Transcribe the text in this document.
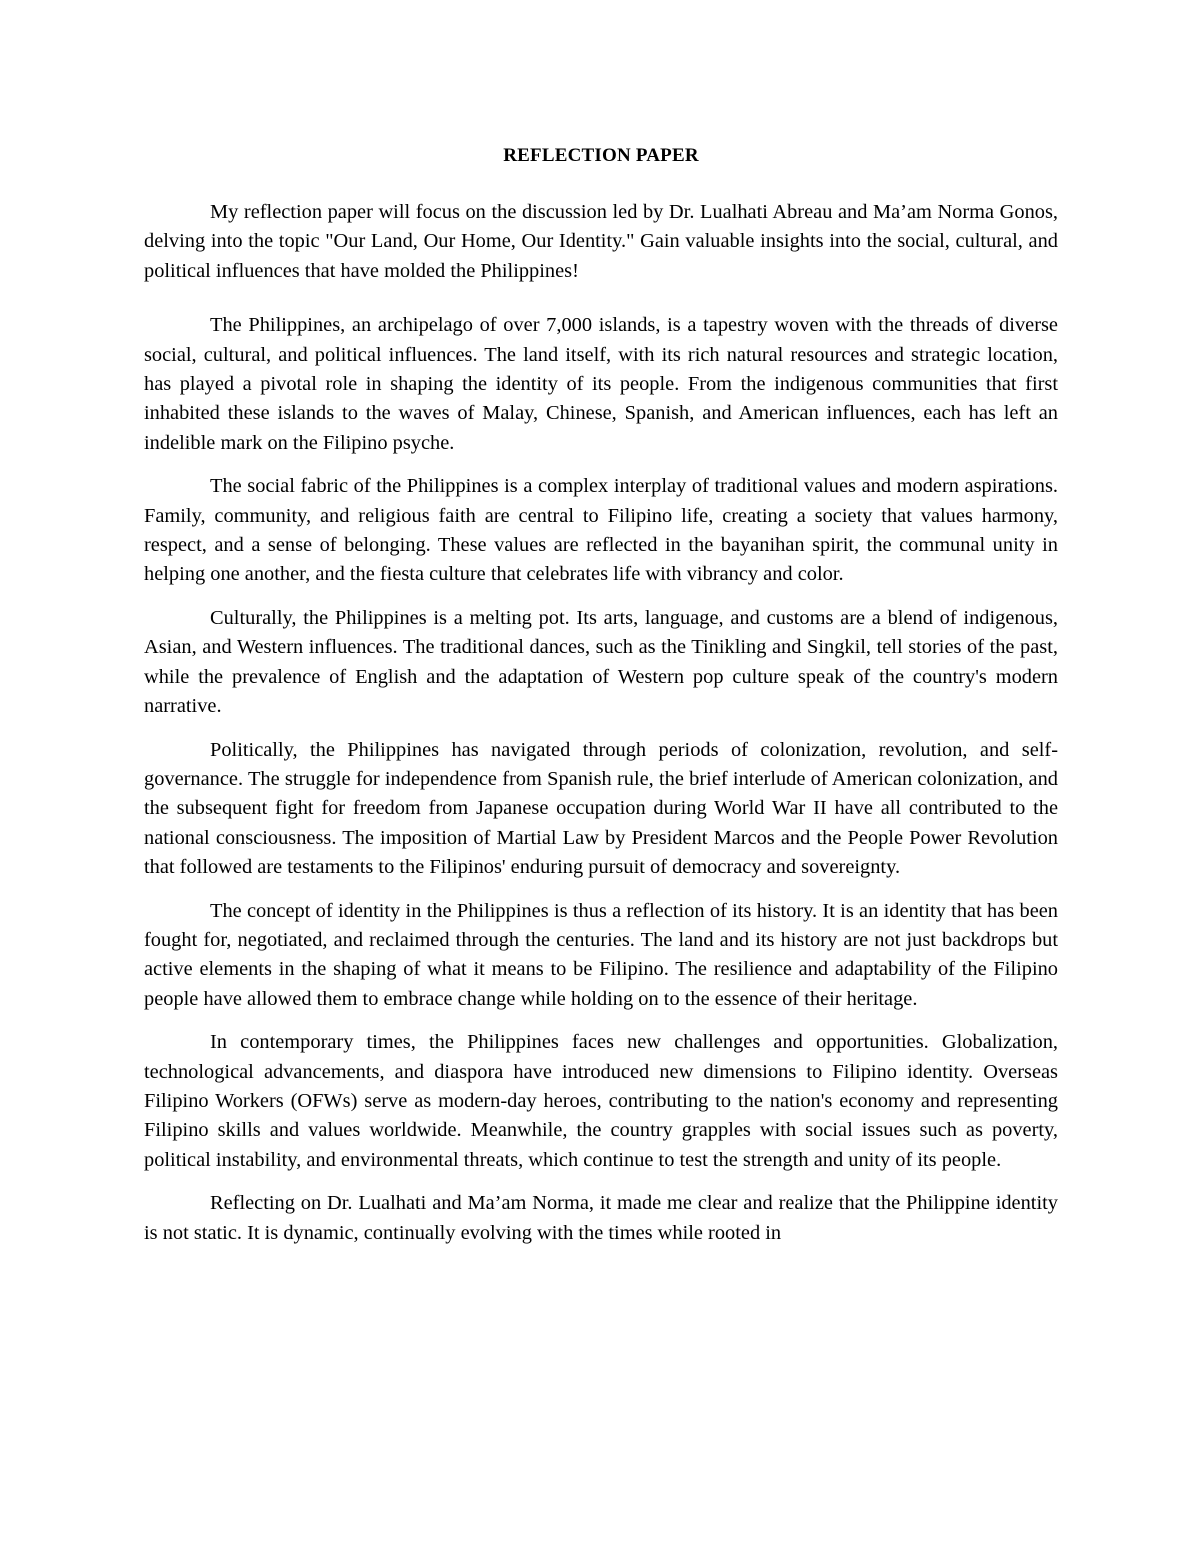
REFLECTION PAPER

My reflection paper will focus on the discussion led by Dr. Lualhati Abreau and Ma’am Norma Gonos, delving into the topic "Our Land, Our Home, Our Identity." Gain valuable insights into the social, cultural, and political influences that have molded the Philippines!

The Philippines, an archipelago of over 7,000 islands, is a tapestry woven with the threads of diverse social, cultural, and political influences. The land itself, with its rich natural resources and strategic location, has played a pivotal role in shaping the identity of its people. From the indigenous communities that first inhabited these islands to the waves of Malay, Chinese, Spanish, and American influences, each has left an indelible mark on the Filipino psyche.

The social fabric of the Philippines is a complex interplay of traditional values and modern aspirations. Family, community, and religious faith are central to Filipino life, creating a society that values harmony, respect, and a sense of belonging. These values are reflected in the bayanihan spirit, the communal unity in helping one another, and the fiesta culture that celebrates life with vibrancy and color.

Culturally, the Philippines is a melting pot. Its arts, language, and customs are a blend of indigenous, Asian, and Western influences. The traditional dances, such as the Tinikling and Singkil, tell stories of the past, while the prevalence of English and the adaptation of Western pop culture speak of the country's modern narrative.

Politically, the Philippines has navigated through periods of colonization, revolution, and self-governance. The struggle for independence from Spanish rule, the brief interlude of American colonization, and the subsequent fight for freedom from Japanese occupation during World War II have all contributed to the national consciousness. The imposition of Martial Law by President Marcos and the People Power Revolution that followed are testaments to the Filipinos' enduring pursuit of democracy and sovereignty.

The concept of identity in the Philippines is thus a reflection of its history. It is an identity that has been fought for, negotiated, and reclaimed through the centuries. The land and its history are not just backdrops but active elements in the shaping of what it means to be Filipino. The resilience and adaptability of the Filipino people have allowed them to embrace change while holding on to the essence of their heritage.

In contemporary times, the Philippines faces new challenges and opportunities. Globalization, technological advancements, and diaspora have introduced new dimensions to Filipino identity. Overseas Filipino Workers (OFWs) serve as modern-day heroes, contributing to the nation's economy and representing Filipino skills and values worldwide. Meanwhile, the country grapples with social issues such as poverty, political instability, and environmental threats, which continue to test the strength and unity of its people.

Reflecting on Dr. Lualhati and Ma’am Norma, it made me clear and realize that the Philippine identity is not static. It is dynamic, continually evolving with the times while rooted in
